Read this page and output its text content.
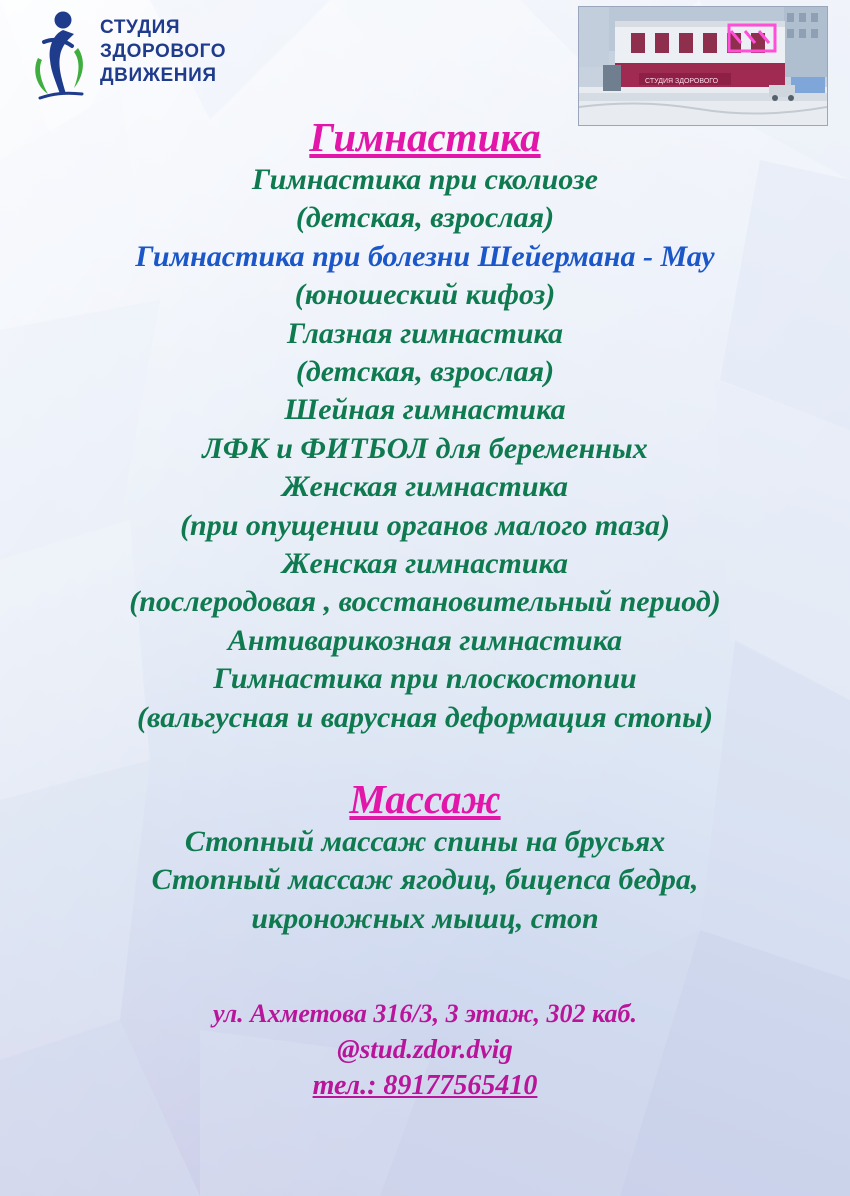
СТУДИЯ
ЗДОРОВОГО
ДВИЖЕНИЯ	СТУДИЯ ЗДОРОВОГО
Гимнастика
Гимнастика при сколиозе
(детская, взрослая)
Гимнастика при болезни Шейермана - Мау
(юношеский кифоз)
Глазная гимнастика
(детская, взрослая)
Шейная гимнастика
ЛФК и ФИТБОЛ для беременных
Женская гимнастика
(при опущении органов малого таза)
Женская гимнастика
(послеродовая , восстановительный период)
Антиварикозная гимнастика
Гимнастика при плоскостопии
(вальгусная и варусная деформация стопы)
Массаж
Стопный массаж спины на брусьях
Стопный массаж ягодиц, бицепса бедра,
икроножных мышц, стоп
ул. Ахметова 316/3, 3 этаж, 302 каб.
@stud.zdor.dvig
тел.: 89177565410
